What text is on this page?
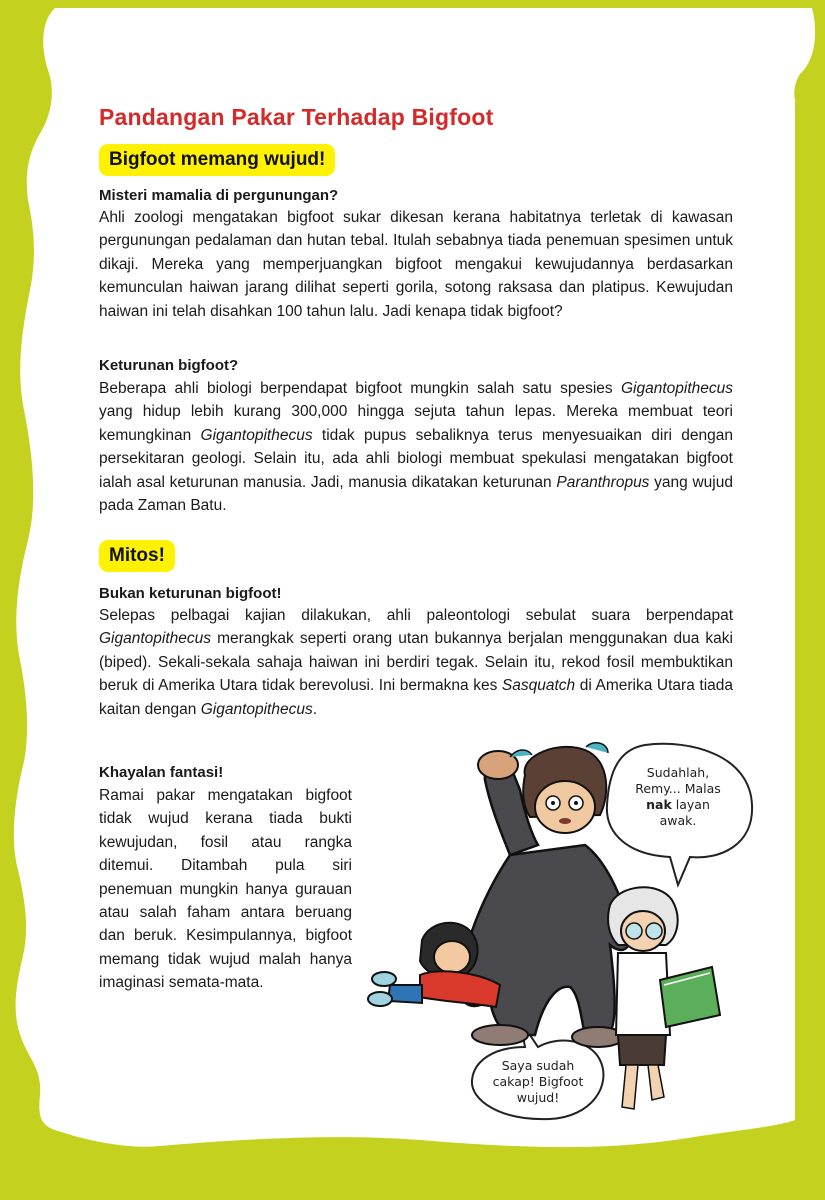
Pandangan Pakar Terhadap Bigfoot
Bigfoot memang wujud!
Misteri mamalia di pergunungan?
Ahli zoologi mengatakan bigfoot sukar dikesan kerana habitatnya terletak di kawasan pergunungan pedalaman dan hutan tebal. Itulah sebabnya tiada penemuan spesimen untuk dikaji. Mereka yang memperjuangkan bigfoot mengakui kewujudannya berdasarkan kemunculan haiwan jarang dilihat seperti gorila, sotong raksasa dan platipus. Kewujudan haiwan ini telah disahkan 100 tahun lalu. Jadi kenapa tidak bigfoot?
Keturunan bigfoot?
Beberapa ahli biologi berpendapat bigfoot mungkin salah satu spesies Gigantopithecus yang hidup lebih kurang 300,000 hingga sejuta tahun lepas. Mereka membuat teori kemungkinan Gigantopithecus tidak pupus sebaliknya terus menyesuaikan diri dengan persekitaran geologi. Selain itu, ada ahli biologi membuat spekulasi mengatakan bigfoot ialah asal keturunan manusia. Jadi, manusia dikatakan keturunan Paranthropus yang wujud pada Zaman Batu.
Mitos!
Bukan keturunan bigfoot!
Selepas pelbagai kajian dilakukan, ahli paleontologi sebulat suara berpendapat Gigantopithecus merangkak seperti orang utan bukannya berjalan menggunakan dua kaki (biped). Sekali-sekala sahaja haiwan ini berdiri tegak. Selain itu, rekod fosil membuktikan beruk di Amerika Utara tidak berevolusi. Ini bermakna kes Sasquatch di Amerika Utara tiada kaitan dengan Gigantopithecus.
Khayalan fantasi!
Ramai pakar mengatakan bigfoot tidak wujud kerana tiada bukti kewujudan, fosil atau rangka ditemui. Ditambah pula siri penemuan mungkin hanya gurauan atau salah faham antara beruang dan beruk. Kesimpulannya, bigfoot memang tidak wujud malah hanya imaginasi semata-mata.
Sudahlah,
Remy... Malas
nak layan
awak.
Saya sudah
cakap! Bigfoot
wujud!
